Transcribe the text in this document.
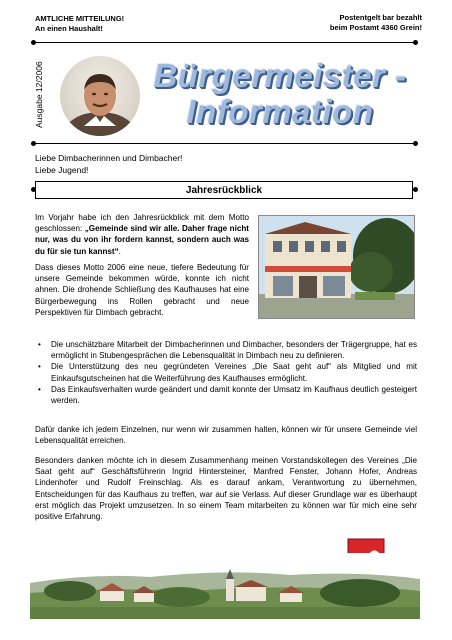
AMTLICHE MITTEILUNG!
An einen Haushalt!
Postentgelt bar bezahlt
beim Postamt 4360 Grein!
Ausgabe 12/2006	Bürgermeister -
Information
Liebe Dimbacherinnen und Dimbacher!
Liebe Jugend!
Jahresrückblick
Im Vorjahr habe ich den Jahresrückblick mit dem Motto geschlossen: „Gemeinde sind wir alle. Daher frage nicht nur, was du von ihr fordern kannst, sondern auch was du für sie tun kannst“.
Dass dieses Motto 2006 eine neue, tiefere Bedeutung für unsere Gemeinde bekommen würde, konnte ich nicht ahnen. Die drohende Schließung des Kaufhauses hat eine Bürgerbewegung ins Rollen gebracht und neue Perspektiven für Dimbach gebracht.
• Die unschätzbare Mitarbeit der Dimbacherinnen und Dimbacher, besonders der Trägergruppe, hat es ermöglicht in Stubengesprächen die Lebensqualität in Dimbach neu zu definieren.
• Die Unterstützung des neu gegründeten Vereines „Die Saat geht auf“ als Mitglied und mit Einkaufsgutscheinen hat die Weiterführung des Kaufhauses ermöglicht.
• Das Einkaufsverhalten wurde geändert und damit konnte der Umsatz im Kaufhaus deutlich gesteigert werden.
Dafür danke ich jedem Einzelnen, nur wenn wir zusammen halten, können wir für unsere Gemeinde viel Lebensqualität erreichen.
Besonders danken möchte ich in diesem Zusammenhang meinen Vorstandskollegen des Vereines „Die Saat geht auf“ Geschäftsführerin Ingrid Hintersteiner, Manfred Fenster, Johann Hofer, Andreas Lindenhofer und Rudolf Freinschlag. Als es darauf ankam, Verantwortung zu übernehmen, Entscheidungen für das Kaufhaus zu treffen, war auf sie Verlass. Auf dieser Grundlage war es überhaupt erst möglich das Projekt umzusetzen. In so einem Team mitarbeiten zu können war für mich eine sehr positive Erfahrung.
